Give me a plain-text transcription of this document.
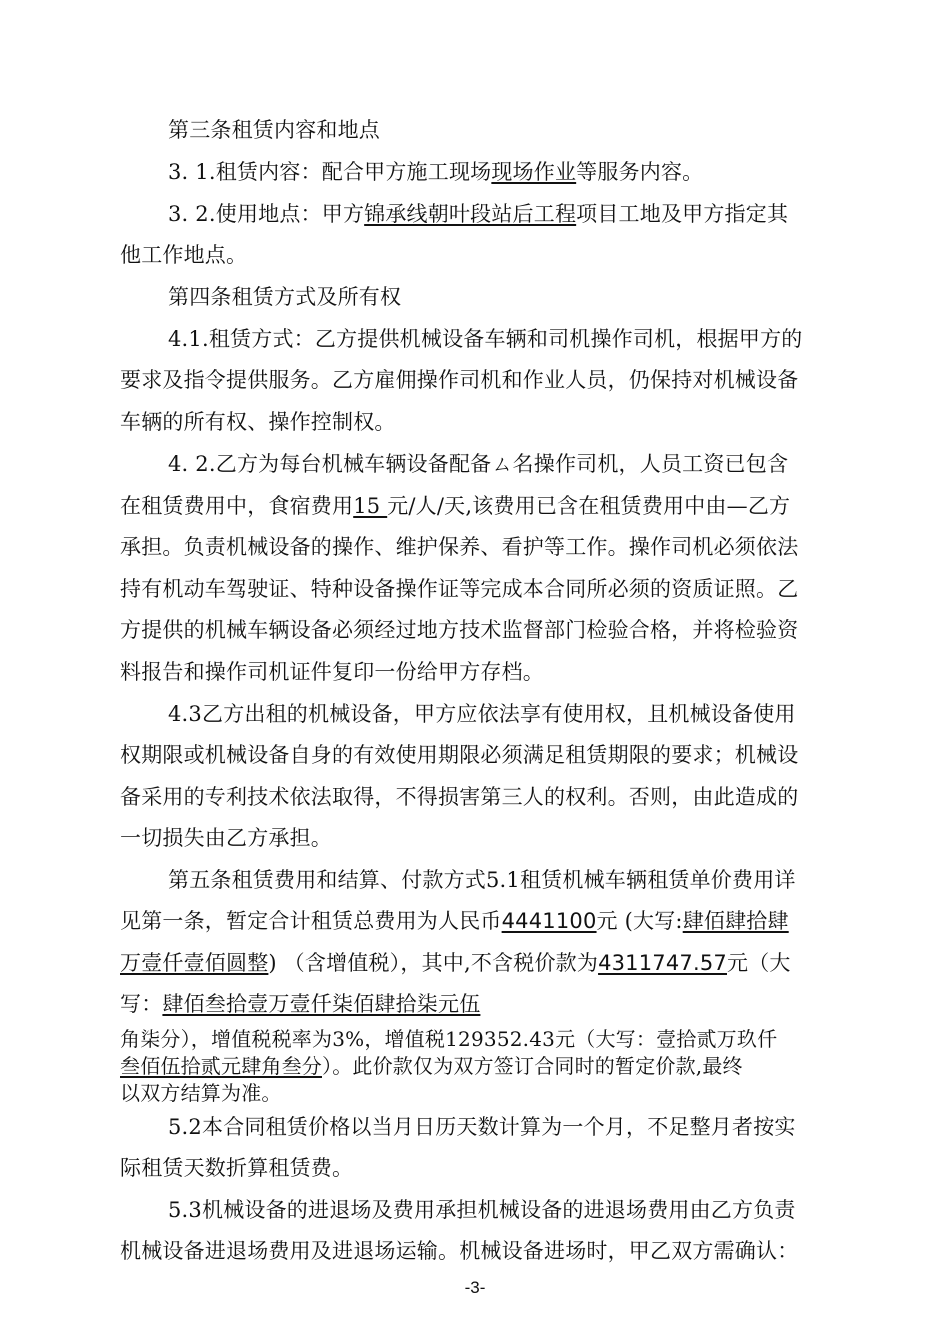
第三条租赁内容和地点
3. 1.租赁内容：配合甲方施工现场现场作业等服务内容。
3. 2.使用地点：甲方锦承线朝叶段站后工程项目工地及甲方指定其
他工作地点。
第四条租赁方式及所有权
4.1.租赁方式：乙方提供机械设备车辆和司机操作司机，根据甲方的
要求及指令提供服务。乙方雇佣操作司机和作业人员，仍保持对机械设备
车辆的所有权、操作控制权。
4. 2.乙方为每台机械车辆设备配备ㄙ名操作司机，人员工资已包含
在租赁费用中，食宿费用15 元/人/天,该费用已含在租赁费用中由—乙方
承担。负责机械设备的操作、维护保养、看护等工作。操作司机必须依法
持有机动车驾驶证、特种设备操作证等完成本合同所必须的资质证照。乙
方提供的机械车辆设备必须经过地方技术监督部门检验合格，并将检验资
料报告和操作司机证件复印一份给甲方存档。
4.3乙方出租的机械设备，甲方应依法享有使用权，且机械设备使用
权期限或机械设备自身的有效使用期限必须满足租赁期限的要求；机械设
备采用的专利技术依法取得，不得损害第三人的权利。否则，由此造成的
一切损失由乙方承担。
第五条租赁费用和结算、付款方式5.1租赁机械车辆租赁单价费用详
见第一条，暂定合计租赁总费用为人民币4441100元 (大写:肆佰肆拾肆
万壹仟壹佰圆整) （含增值税），其中,不含税价款为4311747.57元（大
写：肆佰叁拾壹万壹仟柒佰肆拾柒元伍
角柒分），增值税税率为3%，增值税129352.43元（大写：壹拾贰万玖仟
叁佰伍拾贰元肆角叁分）。此价款仅为双方签订合同时的暂定价款,最终
以双方结算为准。
5.2本合同租赁价格以当月日历天数计算为一个月，不足整月者按实
际租赁天数折算租赁费。
5.3机械设备的进退场及费用承担机械设备的进退场费用由乙方负责
机械设备进退场费用及进退场运输。机械设备进场时，甲乙双方需确认：
-3-
